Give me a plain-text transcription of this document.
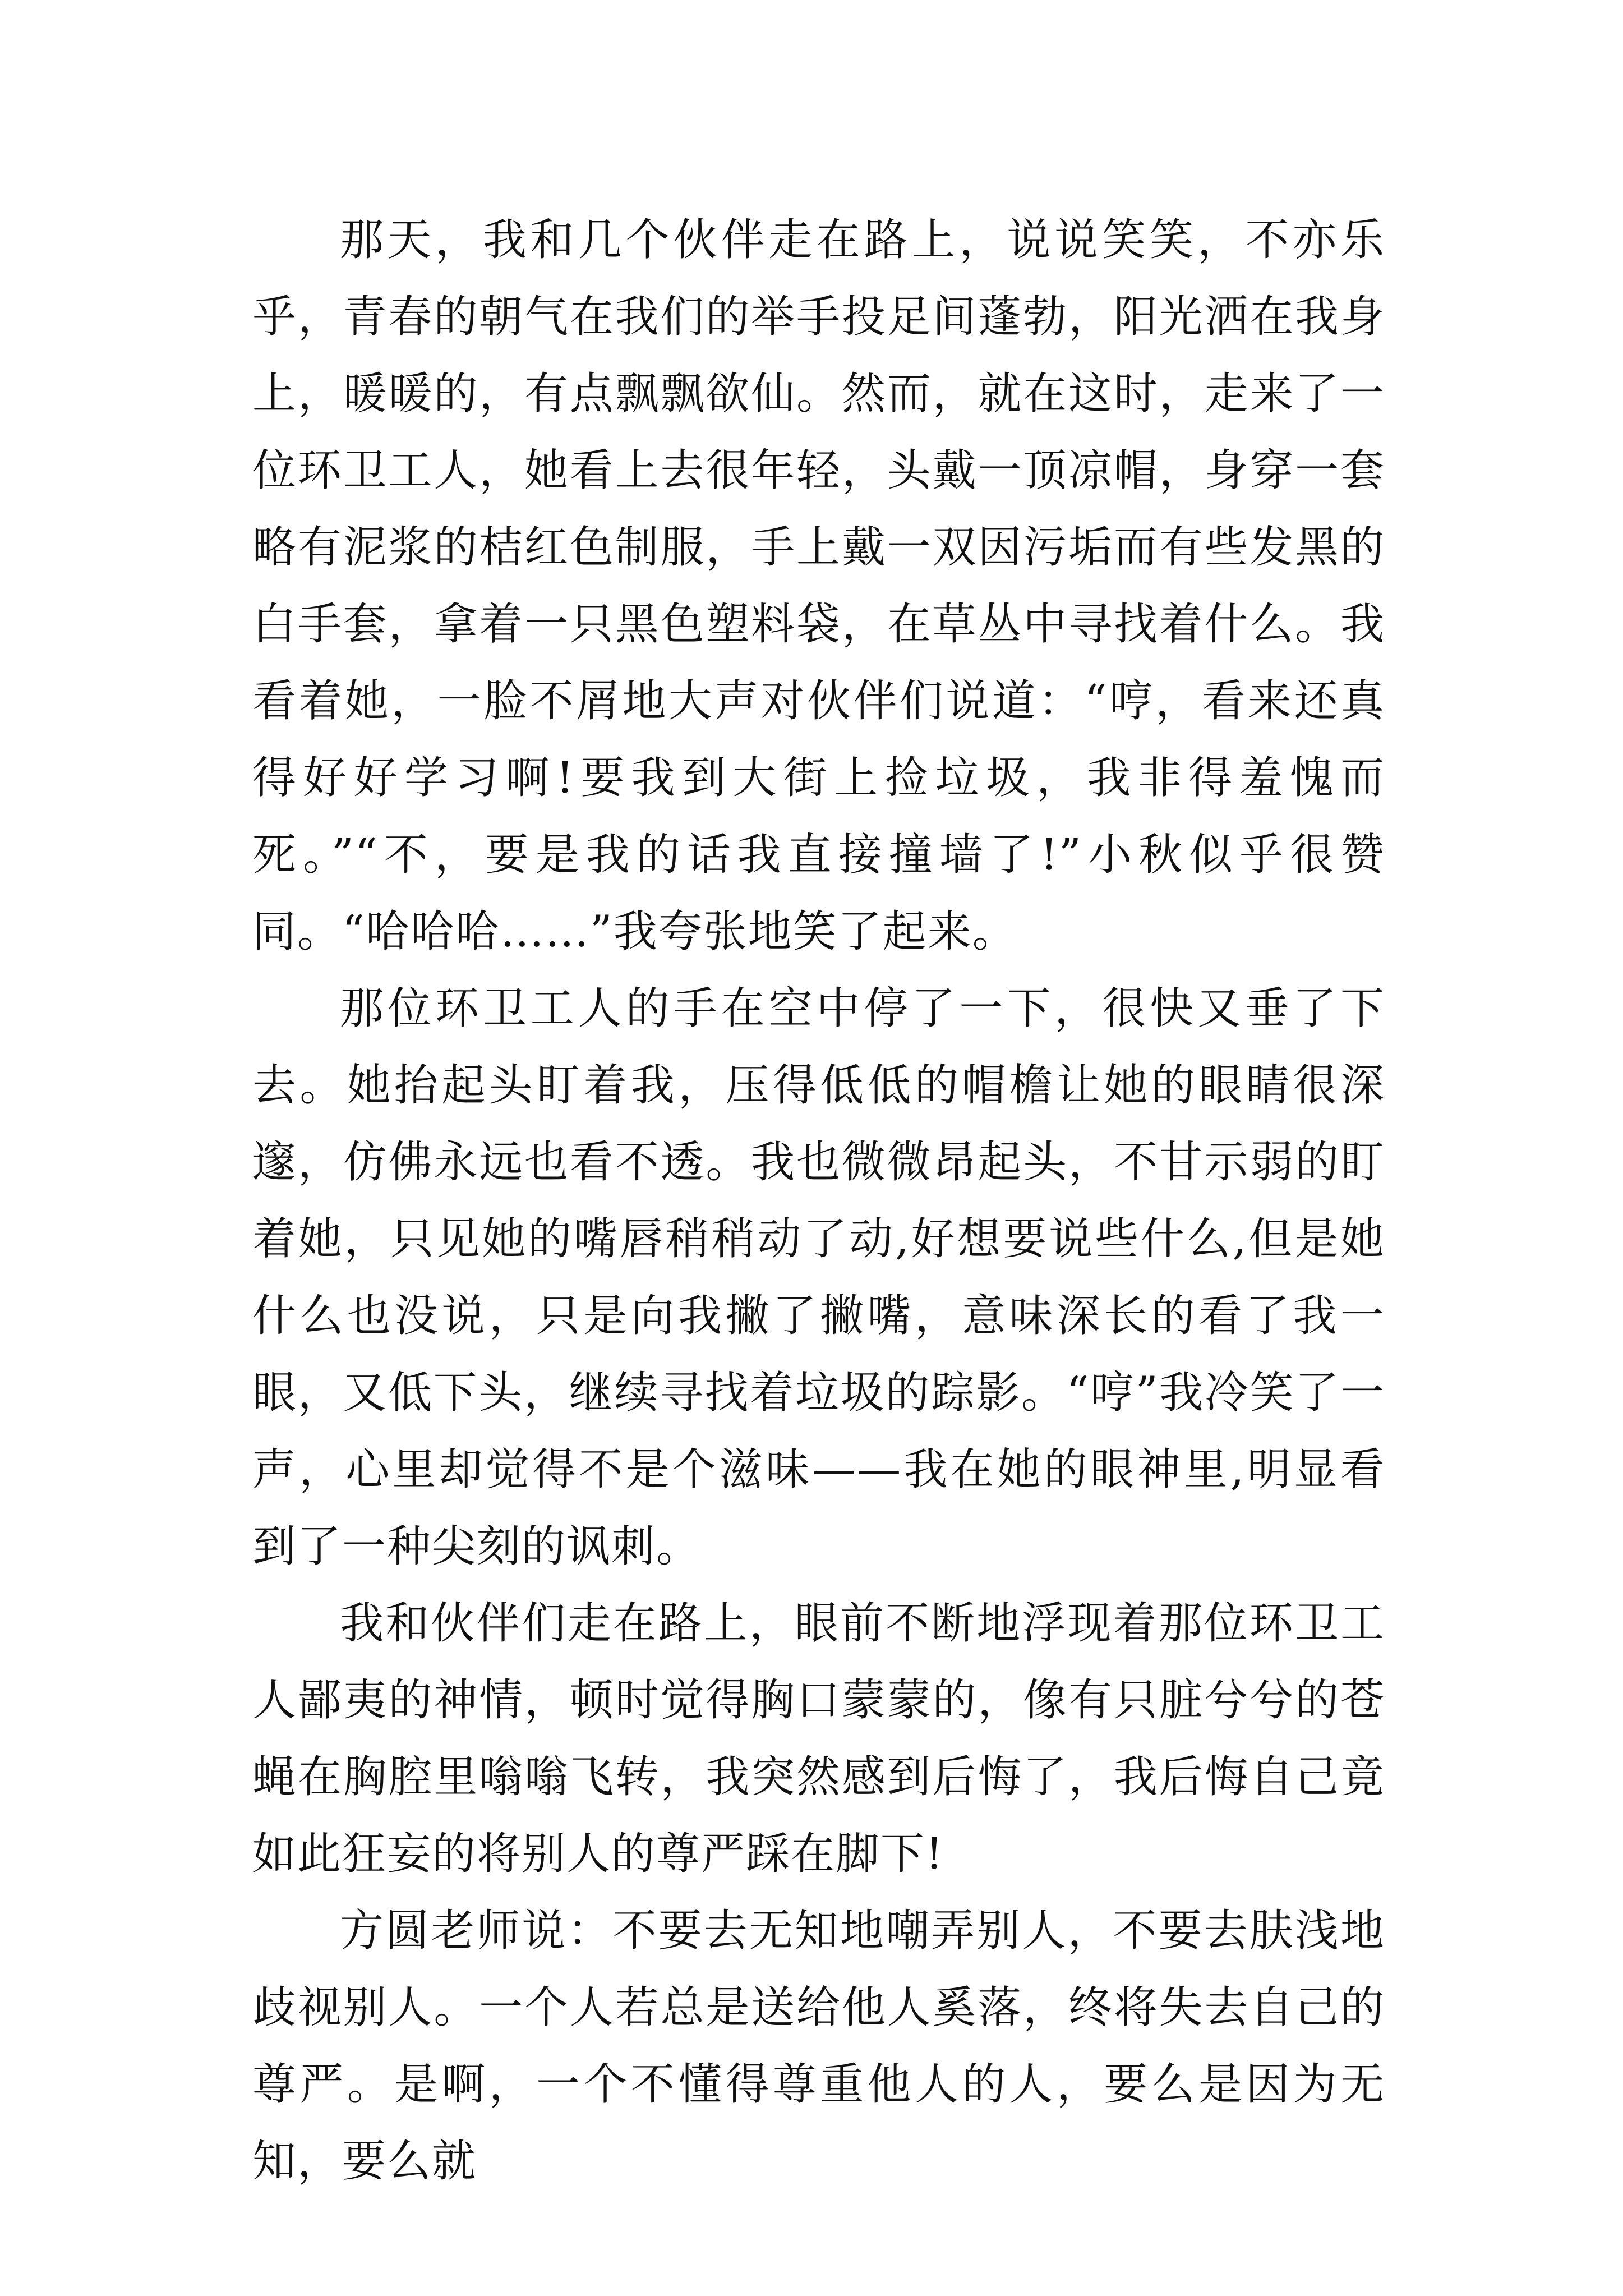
那天，我和几个伙伴走在路上，说说笑笑，不亦乐乎，青春的朝气在我们的举手投足间蓬勃，阳光洒在我身上，暖暖的，有点飘飘欲仙。然而，就在这时，走来了一位环卫工人，她看上去很年轻，头戴一顶凉帽，身穿一套略有泥浆的桔红色制服，手上戴一双因污垢而有些发黑的白手套，拿着一只黑色塑料袋，在草丛中寻找着什么。我看着她，一脸不屑地大声对伙伴们说道：“哼，看来还真得好好学习啊!要我到大街上捡垃圾，我非得羞愧而死。”“不，要是我的话我直接撞墙了!”小秋似乎很赞同。“哈哈哈……”我夸张地笑了起来。

那位环卫工人的手在空中停了一下，很快又垂了下去。她抬起头盯着我，压得低低的帽檐让她的眼睛很深邃，仿佛永远也看不透。我也微微昂起头，不甘示弱的盯着她，只见她的嘴唇稍稍动了动,好想要说些什么,但是她什么也没说，只是向我撇了撇嘴，意味深长的看了我一眼，又低下头，继续寻找着垃圾的踪影。“哼”我冷笑了一声，心里却觉得不是个滋味——我在她的眼神里,明显看到了一种尖刻的讽刺。

我和伙伴们走在路上，眼前不断地浮现着那位环卫工人鄙夷的神情，顿时觉得胸口蒙蒙的，像有只脏兮兮的苍蝇在胸腔里嗡嗡飞转，我突然感到后悔了，我后悔自己竟如此狂妄的将别人的尊严踩在脚下!

方圆老师说：不要去无知地嘲弄别人，不要去肤浅地歧视别人。一个人若总是送给他人奚落，终将失去自己的尊严。是啊，一个不懂得尊重他人的人，要么是因为无知，要么就
